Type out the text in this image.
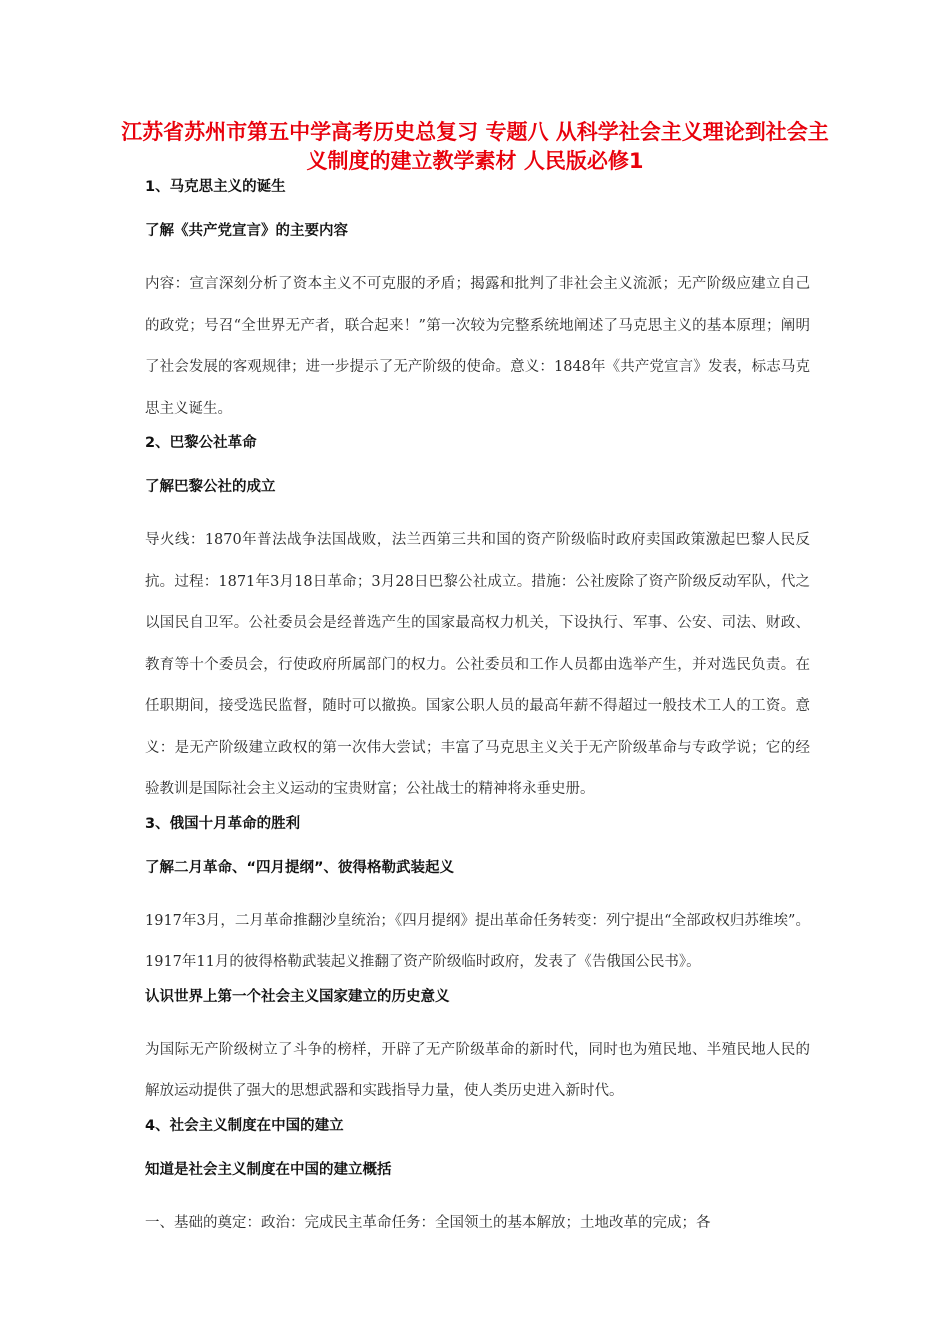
江苏省苏州市第五中学高考历史总复习 专题八 从科学社会主义理论到社会主义制度的建立教学素材 人民版必修1
1、马克思主义的诞生
了解《共产党宣言》的主要内容

内容：宣言深刻分析了资本主义不可克服的矛盾；揭露和批判了非社会主义流派；无产阶级应建立自己的政党；号召“全世界无产者，联合起来！”第一次较为完整系统地阐述了马克思主义的基本原理；阐明了社会发展的客观规律；进一步提示了无产阶级的使命。意义：1848年《共产党宣言》发表，标志马克思主义诞生。

2、巴黎公社革命
了解巴黎公社的成立

导火线：1870年普法战争法国战败，法兰西第三共和国的资产阶级临时政府卖国政策激起巴黎人民反抗。过程：1871年3月18日革命；3月28日巴黎公社成立。措施：公社废除了资产阶级反动军队，代之以国民自卫军。公社委员会是经普选产生的国家最高权力机关，下设执行、军事、公安、司法、财政、教育等十个委员会，行使政府所属部门的权力。公社委员和工作人员都由选举产生，并对选民负责。在任职期间，接受选民监督，随时可以撤换。国家公职人员的最高年薪不得超过一般技术工人的工资。意义：是无产阶级建立政权的第一次伟大尝试；丰富了马克思主义关于无产阶级革命与专政学说；它的经验教训是国际社会主义运动的宝贵财富；公社战士的精神将永垂史册。

3、俄国十月革命的胜利
了解二月革命、“四月提纲”、彼得格勒武装起义

1917年3月，二月革命推翻沙皇统治；《四月提纲》提出革命任务转变：列宁提出“全部政权归苏维埃”。1917年11月的彼得格勒武装起义推翻了资产阶级临时政府，发表了《告俄国公民书》。

认识世界上第一个社会主义国家建立的历史意义

为国际无产阶级树立了斗争的榜样，开辟了无产阶级革命的新时代，同时也为殖民地、半殖民地人民的解放运动提供了强大的思想武器和实践指导力量，使人类历史进入新时代。

4、社会主义制度在中国的建立
知道是社会主义制度在中国的建立概括

一、基础的奠定：政治：完成民主革命任务：全国领土的基本解放；土地改革的完成；各
